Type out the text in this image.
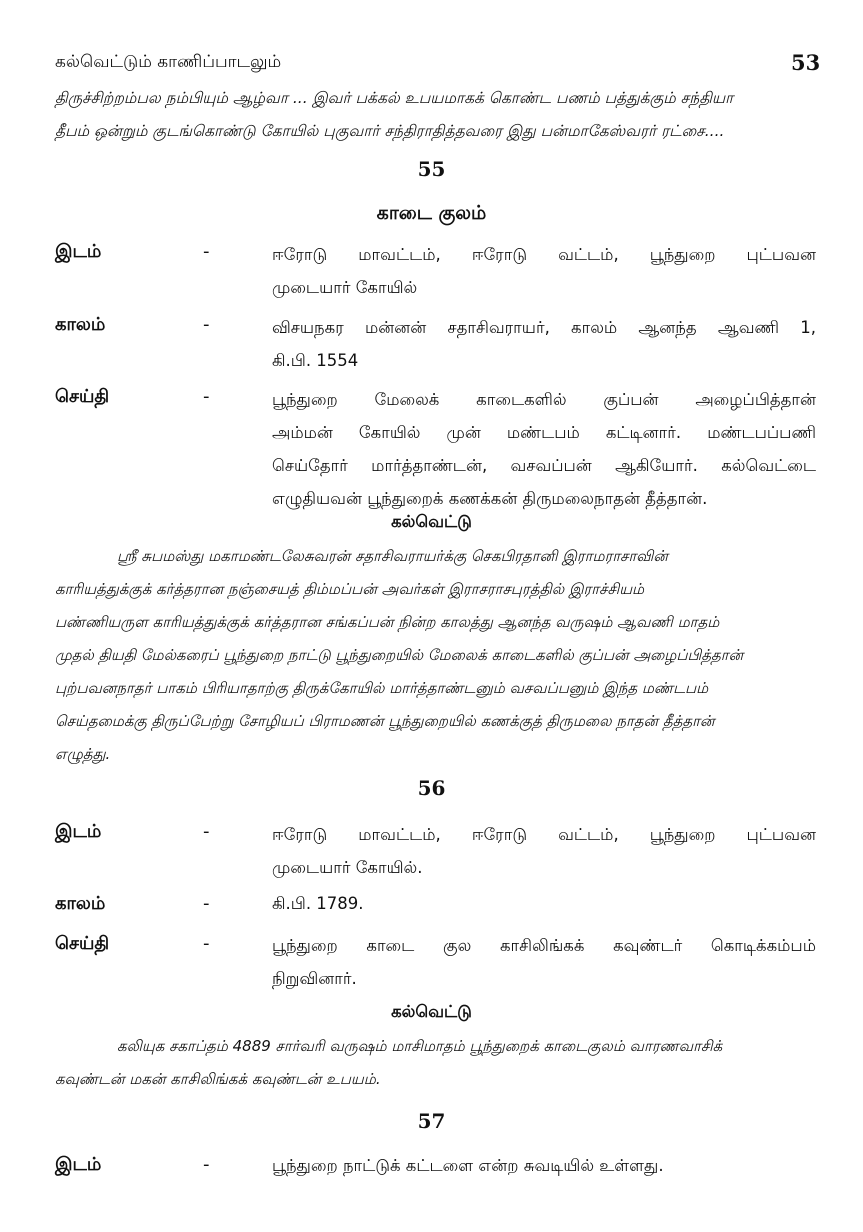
கல்வெட்டும் காணிப்பாடலும்	53

திருச்சிற்றம்பல நம்பியும் ஆழ்வா ... இவர் பக்கல் உபயமாகக் கொண்ட பணம் பத்துக்கும் சந்தியா

தீபம் ஒன்றும் குடங்கொண்டு கோயில் புகுவார் சந்திராதித்தவரை இது பன்மாகேஸ்வரர் ரட்சை....

55
காடை குலம்
இடம்	-	ஈரோடு மாவட்டம், ஈரோடு வட்டம், பூந்துறை புட்பவன
முடையார் கோயில்
காலம்	-	விசயநகர மன்னன் சதாசிவராயர், காலம் ஆனந்த ஆவணி 1,
கி.பி. 1554
செய்தி	-	பூந்துறை மேலைக் காடைகளில் குப்பன் அழைப்பித்தான்
அம்மன் கோயில் முன் மண்டபம் கட்டினார். மண்டபப்பணி
செய்தோர் மார்த்தாண்டன், வசவப்பன் ஆகியோர். கல்வெட்டை
எழுதியவன் பூந்துறைக் கணக்கன் திருமலைநாதன் தீத்தான்.
கல்வெட்டு
ஸ்ரீ சுபமஸ்து மகாமண்டலேசுவரன் சதாசிவராயர்க்கு செகபிரதானி இராமராசாவின்
காரியத்துக்குக் கர்த்தரான நஞ்சையத் திம்மப்பன் அவர்கள் இராசராசபுரத்தில் இராச்சியம்
பண்ணியருள காரியத்துக்குக் கர்த்தரான சங்கப்பன் நின்ற காலத்து ஆனந்த வருஷம் ஆவணி மாதம்
முதல் தியதி மேல்கரைப் பூந்துறை நாட்டு பூந்துறையில் மேலைக் காடைகளில் குப்பன் அழைப்பித்தான்
புற்பவனநாதர் பாகம் பிரியாதாற்கு திருக்கோயில் மார்த்தாண்டனும் வசவப்பனும் இந்த மண்டபம்
செய்தமைக்கு திருப்பேற்று சோழியப் பிராமணன் பூந்துறையில் கணக்குத் திருமலை நாதன் தீத்தான்
எழுத்து.
56
இடம்	-	ஈரோடு மாவட்டம், ஈரோடு வட்டம், பூந்துறை புட்பவன
முடையார் கோயில்.
காலம்	-	கி.பி. 1789.
செய்தி	-	பூந்துறை காடை குல காசிலிங்கக் கவுண்டர் கொடிக்கம்பம்
நிறுவினார்.
கல்வெட்டு
கலியுக சகாப்தம் 4889 சார்வரி வருஷம் மாசிமாதம் பூந்துறைக் காடைகுலம் வாரணவாசிக்
கவுண்டன் மகன் காசிலிங்கக் கவுண்டன் உபயம்.
57
இடம்	-	பூந்துறை நாட்டுக் கட்டளை என்ற சுவடியில் உள்ளது.
